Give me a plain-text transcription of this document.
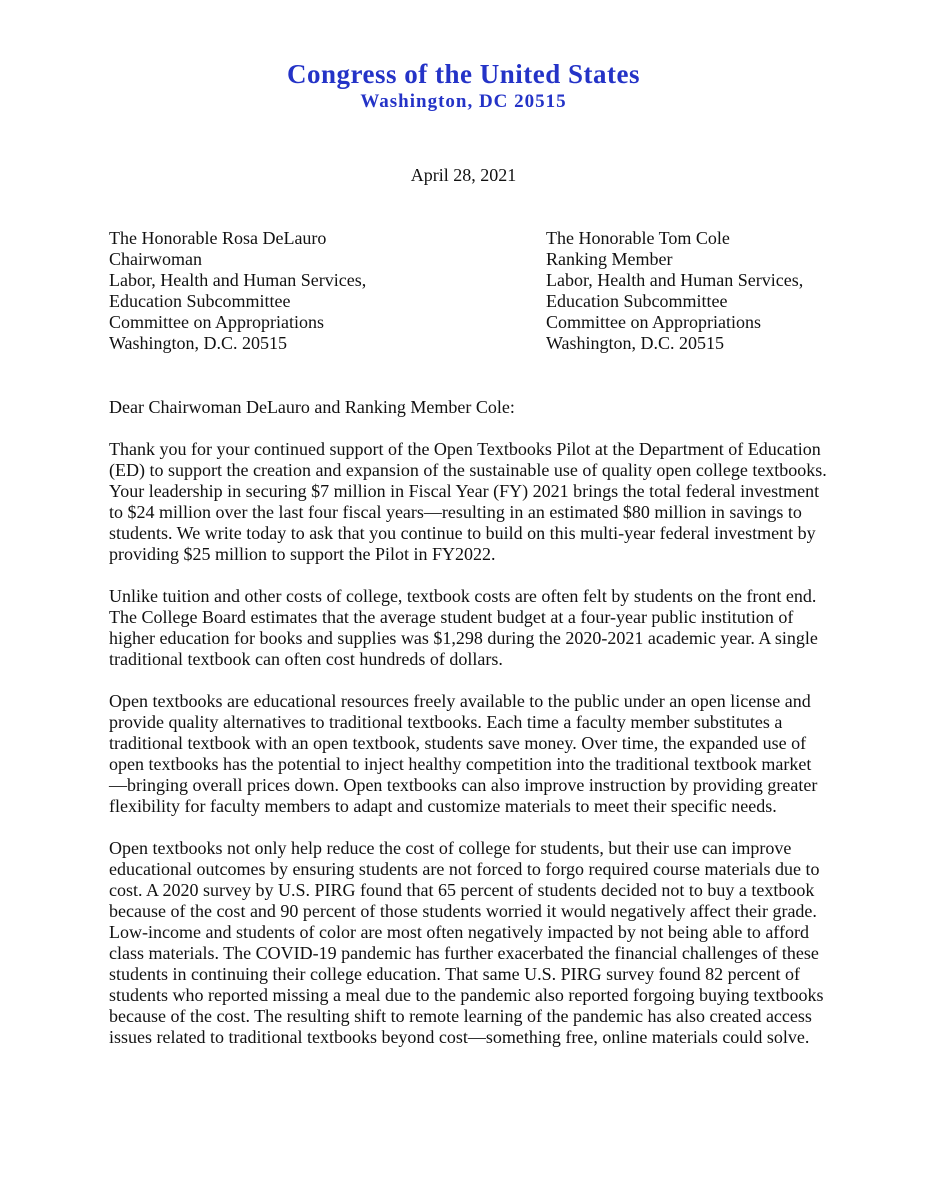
Congress of the United States
Washington, DC 20515
April 28, 2021
The Honorable Rosa DeLauro
Chairwoman
Labor, Health and Human Services,
Education Subcommittee
Committee on Appropriations
Washington, D.C. 20515
The Honorable Tom Cole
Ranking Member
Labor, Health and Human Services,
Education Subcommittee
Committee on Appropriations
Washington, D.C. 20515

Dear Chairwoman DeLauro and Ranking Member Cole:

Thank you for your continued support of the Open Textbooks Pilot at the Department of Education (ED) to support the creation and expansion of the sustainable use of quality open college textbooks. Your leadership in securing $7 million in Fiscal Year (FY) 2021 brings the total federal investment to $24 million over the last four fiscal years—resulting in an estimated $80 million in savings to students. We write today to ask that you continue to build on this multi-year federal investment by providing $25 million to support the Pilot in FY2022.

Unlike tuition and other costs of college, textbook costs are often felt by students on the front end. The College Board estimates that the average student budget at a four-year public institution of higher education for books and supplies was $1,298 during the 2020-2021 academic year. A single traditional textbook can often cost hundreds of dollars.

Open textbooks are educational resources freely available to the public under an open license and provide quality alternatives to traditional textbooks. Each time a faculty member substitutes a traditional textbook with an open textbook, students save money. Over time, the expanded use of open textbooks has the potential to inject healthy competition into the traditional textbook market—bringing overall prices down. Open textbooks can also improve instruction by providing greater flexibility for faculty members to adapt and customize materials to meet their specific needs.

Open textbooks not only help reduce the cost of college for students, but their use can improve educational outcomes by ensuring students are not forced to forgo required course materials due to cost. A 2020 survey by U.S. PIRG found that 65 percent of students decided not to buy a textbook because of the cost and 90 percent of those students worried it would negatively affect their grade. Low-income and students of color are most often negatively impacted by not being able to afford class materials. The COVID-19 pandemic has further exacerbated the financial challenges of these students in continuing their college education. That same U.S. PIRG survey found 82 percent of students who reported missing a meal due to the pandemic also reported forgoing buying textbooks because of the cost. The resulting shift to remote learning of the pandemic has also created access issues related to traditional textbooks beyond cost—something free, online materials could solve.
